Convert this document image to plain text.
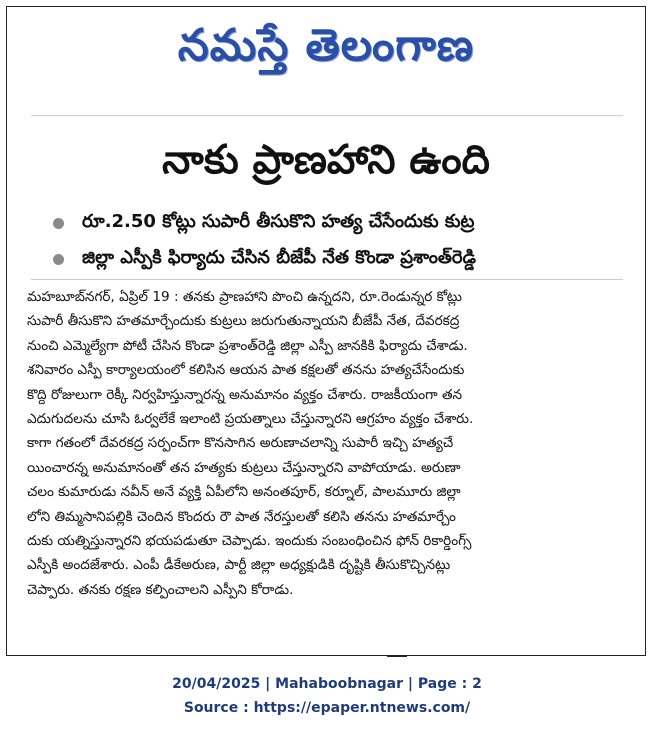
నమస్తే తెలంగాణ
నాకు ప్రాణహాని ఉంది
రూ.2.50 కోట్లు సుపారీ తీసుకొని హత్య చేసేందుకు కుట్ర
జిల్లా ఎస్పీకి ఫిర్యాదు చేసిన బీజేపీ నేత కొండా ప్రశాంత్‌రెడ్డి
మహబూబ్‌నగర్, ఏప్రిల్ 19 : తనకు ప్రాణహాని పొంచి ఉన్నదని, రూ.రెండున్నర కోట్లు
సుపారీ తీసుకొని హతమార్చేందుకు కుట్రలు జరుగుతున్నాయని బీజేపీ నేత, దేవరకద్ర
నుంచి ఎమ్మెల్యేగా పోటీ చేసిన కొండా ప్రశాంత్‌రెడ్డి జిల్లా ఎస్పీ జానకికి ఫిర్యాదు చేశాడు.
శనివారం ఎస్పీ కార్యాలయంలో కలిసిన ఆయన పాత కక్షలతో తనను హత్యచేసేందుకు
కొద్ది రోజులుగా రెక్కీ నిర్వహిస్తున్నారన్న అనుమానం వ్యక్తం చేశారు. రాజకీయంగా తన
ఎదుగుదలను చూసి ఓర్వలేకే ఇలాంటి ప్రయత్నాలు చేస్తున్నారని ఆగ్రహం వ్యక్తం చేశారు.
కాగా గతంలో దేవరకద్ర సర్పంచ్‌గా కొనసాగిన అరుణాచలాన్ని సుపారీ ఇచ్చి హత్యచే
యించారన్న అనుమానంతో తన హత్యకు కుట్రలు చేస్తున్నారని వాపోయాడు. అరుణా
చలం కుమారుడు నవీన్ అనే వ్యక్తి ఏపీలోని అనంతపూర్, కర్నూల్, పాలమూరు జిల్లా
లోని తిమ్మసానిపల్లికి చెందిన కొందరు రౌ పాత నేరస్తులతో కలిసి తనను హతమార్చేం
దుకు యత్నిస్తున్నారని భయపడుతూ చెప్పాడు. ఇందుకు సంబంధించిన ఫోన్ రికార్డింగ్స్
ఎస్పీకి అందజేశారు. ఎంపీ డీకేఅరుణ, పార్టీ జిల్లా అధ్యక్షుడికి దృష్టికి తీసుకొచ్చినట్లు
చెప్పారు. తనకు రక్షణ కల్పించాలని ఎస్పీని కోరాడు.
20/04/2025 | Mahaboobnagar | Page : 2
Source : https://epaper.ntnews.com/
